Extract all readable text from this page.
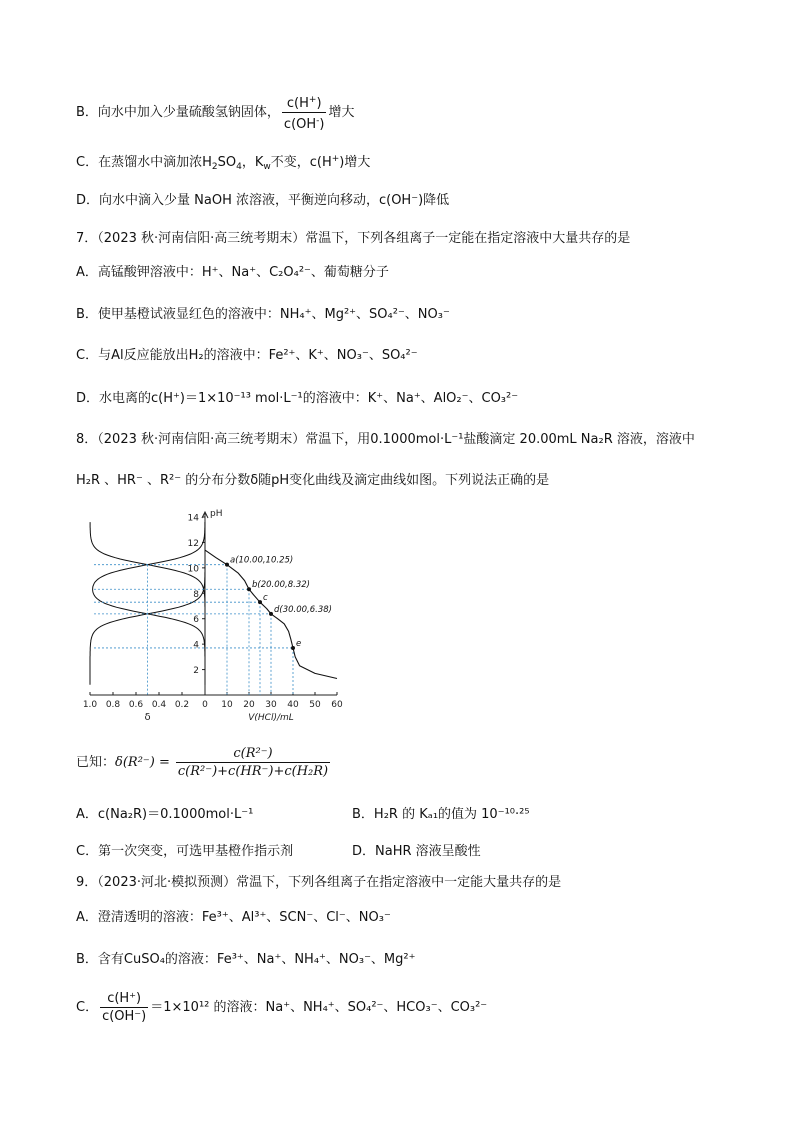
B．向水中加入少量硫酸氢钠固体， $\frac{c(H^+)}{c(OH^-)}$ 增大
C．在蒸馏水中滴加浓$H_2SO_4$，$K_w$不变，c(H+)增大
D．向水中滴入少量 NaOH 浓溶液，平衡逆向移动，c(OH⁻)降低
7．（2023 秋·河南信阳·高三统考期末）常温下，下列各组离子一定能在指定溶液中大量共存的是
A．高锰酸钾溶液中：H⁺、Na⁺、C₂O₄²⁻、葡萄糖分子
B．使甲基橙试液显红色的溶液中：NH₄⁺、Mg²⁺、SO₄²⁻、NO₃⁻
C．与Al反应能放出H₂的溶液中：Fe²⁺、K⁺、NO₃⁻、SO₄²⁻
D．水电离的c(H⁺)＝1×10⁻¹³ mol·L⁻¹的溶液中：K⁺、Na⁺、AlO₂⁻、CO₃²⁻
8．（2023 秋·河南信阳·高三统考期末）常温下，用0.1000mol·L⁻¹盐酸滴定 20.00mL Na₂R 溶液，溶液中
H₂R 、HR⁻ 、R²⁻ 的分布分数δ随pH变化曲线及滴定曲线如图。下列说法正确的是
2
4
6
8
10
12
14 pH
0 10 20 30 40 50 60
V(HCl)/mL
1.0 0.8 0.6 0.4 0.2
δ
a(10.00,10.25)
b(20.00,8.32)
c
d(30.00,6.38)
e
已知：$\delta(R^{2-}) = \frac{\text{c(R²⁻)}}{\text{c(R²⁻)+c(HR⁻)+c(H₂R)}}$
A．c(Na₂R)＝0.1000mol·L⁻¹	B．H₂R 的 Kₐ₁的值为 10⁻¹⁰·²⁵
C．第一次突变，可选甲基橙作指示剂	D．NaHR 溶液呈酸性
9．（2023·河北·模拟预测）常温下，下列各组离子在指定溶液中一定能大量共存的是
A．澄清透明的溶液：Fe³⁺、Al³⁺、SCN⁻、Cl⁻、NO₃⁻
B．含有CuSO₄的溶液：Fe³⁺、Na⁺、NH₄⁺、NO₃⁻、Mg²⁺
C． $\frac{c(H^+)}{c(OH^-)} =1\times 10^{12}$ 的溶液：Na⁺、NH₄⁺、SO₄²⁻、HCO₃⁻、CO₃²⁻
